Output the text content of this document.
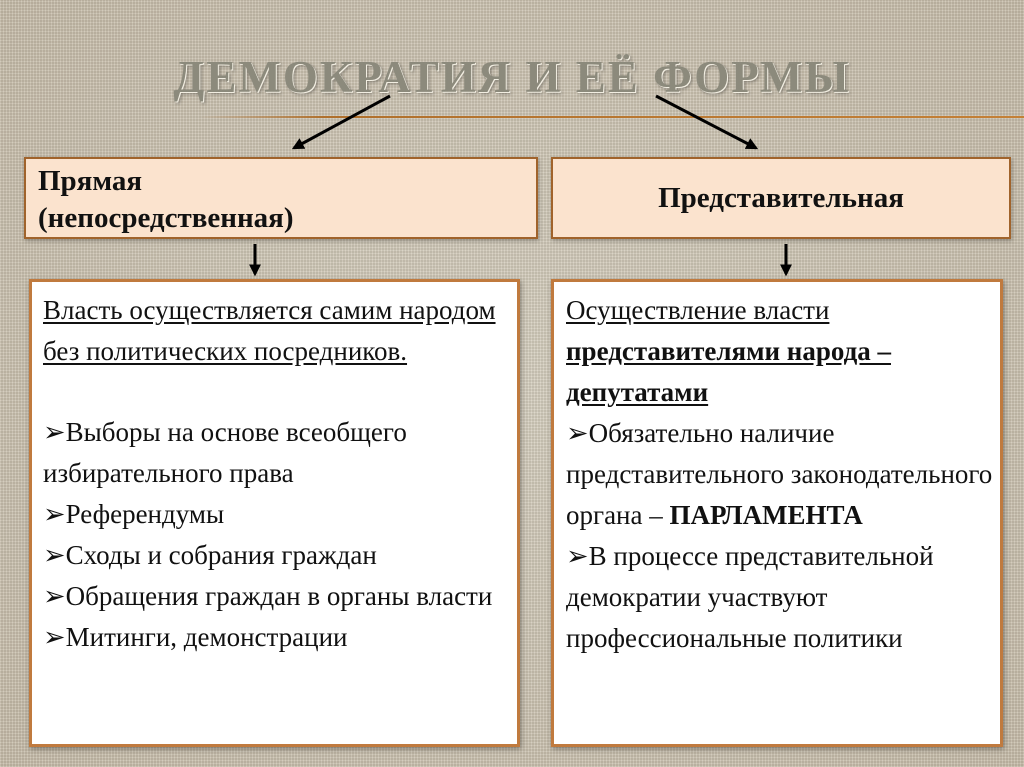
ДЕМОКРАТИЯ И ЕЁ ФОРМЫ
Прямая
(непосредственная)
Представительная

Власть осуществляется самим народом без политических посредников.

➢Выборы на основе всеобщего избирательного права

➢Референдумы

➢Сходы и собрания граждан

➢Обращения граждан в органы власти

➢Митинги, демонстрации

Осуществление власти представителями народа – депутатами

➢Обязательно наличие представительного законодательного органа – ПАРЛАМЕНТА

➢В процессе представительной демократии участвуют профессиональные политики
